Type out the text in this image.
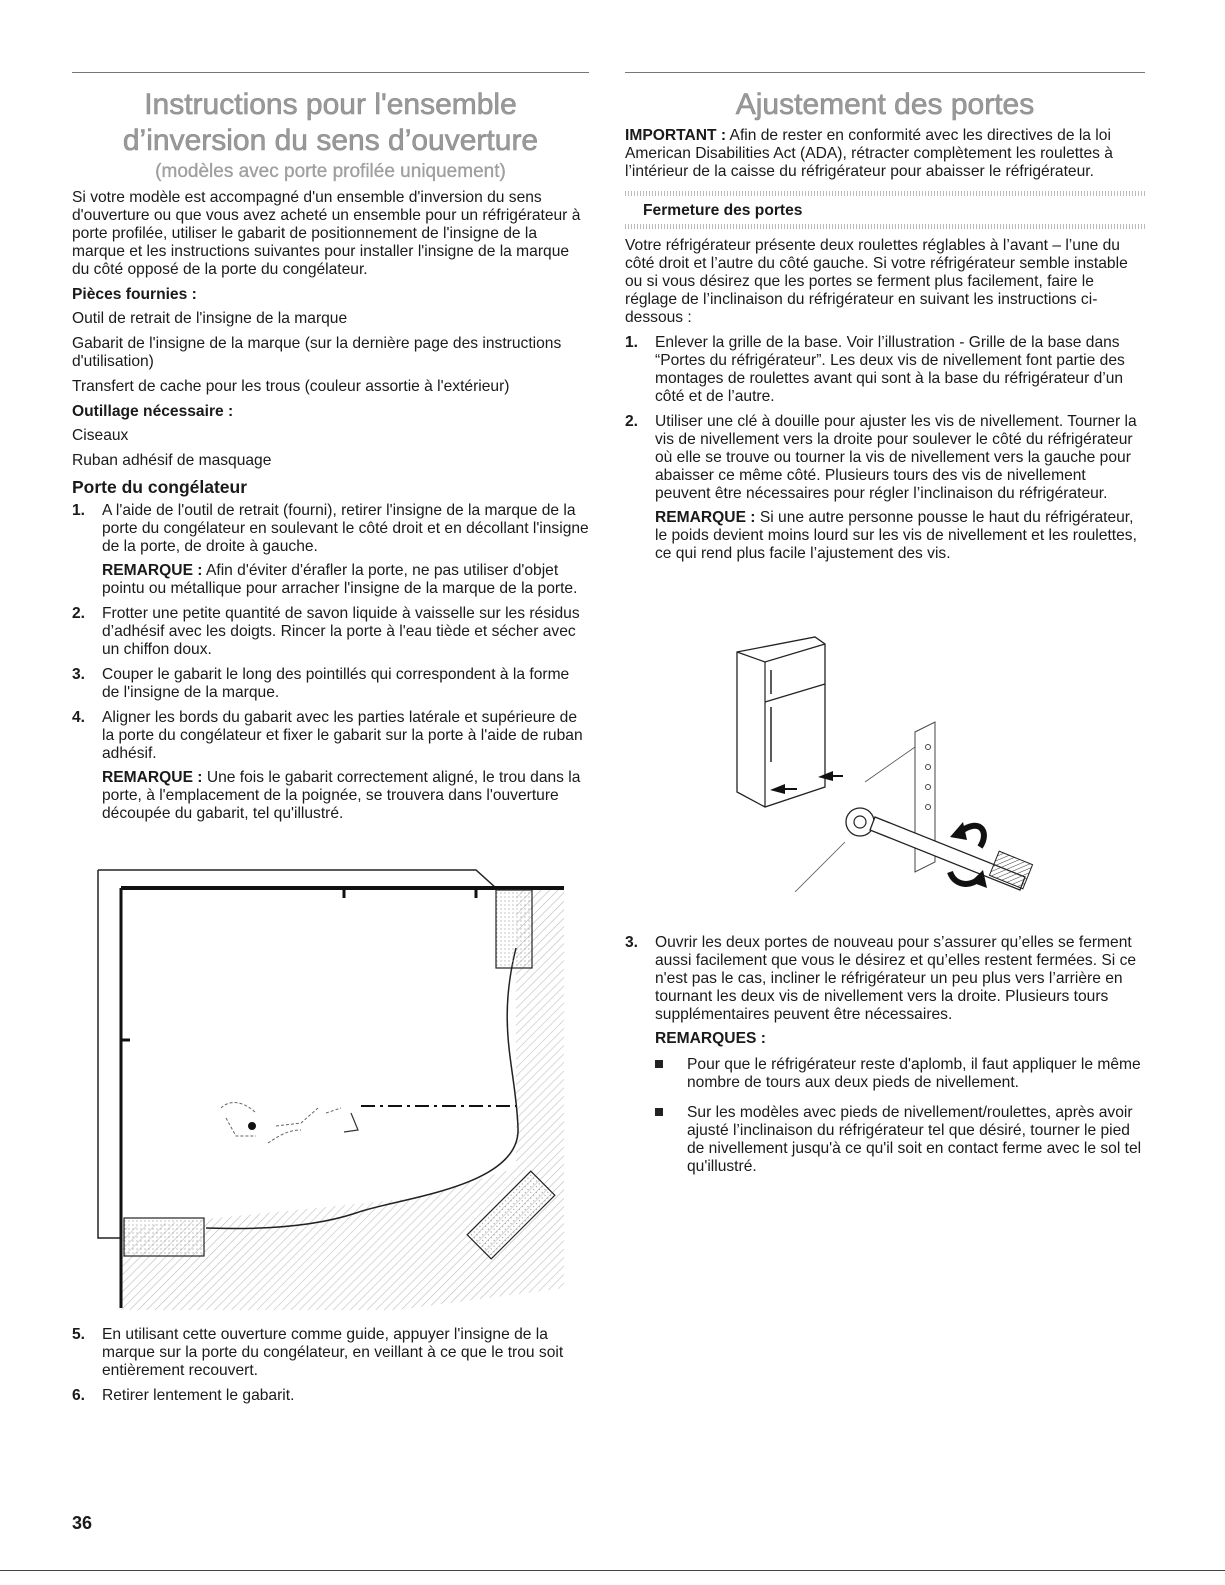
Instructions pour l'ensemble
d’inversion du sens d’ouverture
(modèles avec porte profilée uniquement)

Si votre modèle est accompagné d'un ensemble d'inversion du sens d'ouverture ou que vous avez acheté un ensemble pour un réfrigérateur à porte profilée, utiliser le gabarit de positionnement de l'insigne de la marque et les instructions suivantes pour installer l'insigne de la marque du côté opposé de la porte du congélateur.

Pièces fournies :

Outil de retrait de l'insigne de la marque

Gabarit de l'insigne de la marque (sur la dernière page des instructions d'utilisation)

Transfert de cache pour les trous (couleur assortie à l'extérieur)

Outillage nécessaire :

Ciseaux

Ruban adhésif de masquage

Porte du congélateur
1. A l'aide de l'outil de retrait (fourni), retirer l'insigne de la marque de la porte du congélateur en soulevant le côté droit et en décollant l'insigne de la porte, de droite à gauche.

REMARQUE : Afin d'éviter d'érafler la porte, ne pas utiliser d'objet pointu ou métallique pour arracher l'insigne de la marque de la porte.

2. Frotter une petite quantité de savon liquide à vaisselle sur les résidus d’adhésif avec les doigts. Rincer la porte à l'eau tiède et sécher avec un chiffon doux.

3. Couper le gabarit le long des pointillés qui correspondent à la forme de l'insigne de la marque.

4. Aligner les bords du gabarit avec les parties latérale et supérieure de la porte du congélateur et fixer le gabarit sur la porte à l'aide de ruban adhésif.

REMARQUE : Une fois le gabarit correctement aligné, le trou dans la porte, à l'emplacement de la poignée, se trouvera dans l'ouverture découpée du gabarit, tel qu'illustré.

5. En utilisant cette ouverture comme guide, appuyer l'insigne de la marque sur la porte du congélateur, en veillant à ce que le trou soit entièrement recouvert.

6. Retirer lentement le gabarit.

Ajustement des portes

IMPORTANT : Afin de rester en conformité avec les directives de la loi American Disabilities Act (ADA), rétracter complètement les roulettes à l’intérieur de la caisse du réfrigérateur pour abaisser le réfrigérateur.

Fermeture des portes

Votre réfrigérateur présente deux roulettes réglables à l’avant – l’une du côté droit et l’autre du côté gauche. Si votre réfrigérateur semble instable ou si vous désirez que les portes se ferment plus facilement, faire le réglage de l’inclinaison du réfrigérateur en suivant les instructions ci-dessous :

1. Enlever la grille de la base. Voir l’illustration - Grille de la base dans “Portes du réfrigérateur”. Les deux vis de nivellement font partie des montages de roulettes avant qui sont à la base du réfrigérateur d’un côté et de l’autre.

2. Utiliser une clé à douille pour ajuster les vis de nivellement. Tourner la vis de nivellement vers la droite pour soulever le côté du réfrigérateur où elle se trouve ou tourner la vis de nivellement vers la gauche pour abaisser ce même côté. Plusieurs tours des vis de nivellement peuvent être nécessaires pour régler l’inclinaison du réfrigérateur.

REMARQUE : Si une autre personne pousse le haut du réfrigérateur, le poids devient moins lourd sur les vis de nivellement et les roulettes, ce qui rend plus facile l’ajustement des vis.

3. Ouvrir les deux portes de nouveau pour s’assurer qu’elles se ferment aussi facilement que vous le désirez et qu’elles restent fermées. Si ce n'est pas le cas, incliner le réfrigérateur un peu plus vers l’arrière en tournant les deux vis de nivellement vers la droite. Plusieurs tours supplémentaires peuvent être nécessaires.

REMARQUES :
Pour que le réfrigérateur reste d'aplomb, il faut appliquer le même nombre de tours aux deux pieds de nivellement.
Sur les modèles avec pieds de nivellement/roulettes, après avoir ajusté l’inclinaison du réfrigérateur tel que désiré, tourner le pied de nivellement jusqu'à ce qu'il soit en contact ferme avec le sol tel qu'illustré.
36
